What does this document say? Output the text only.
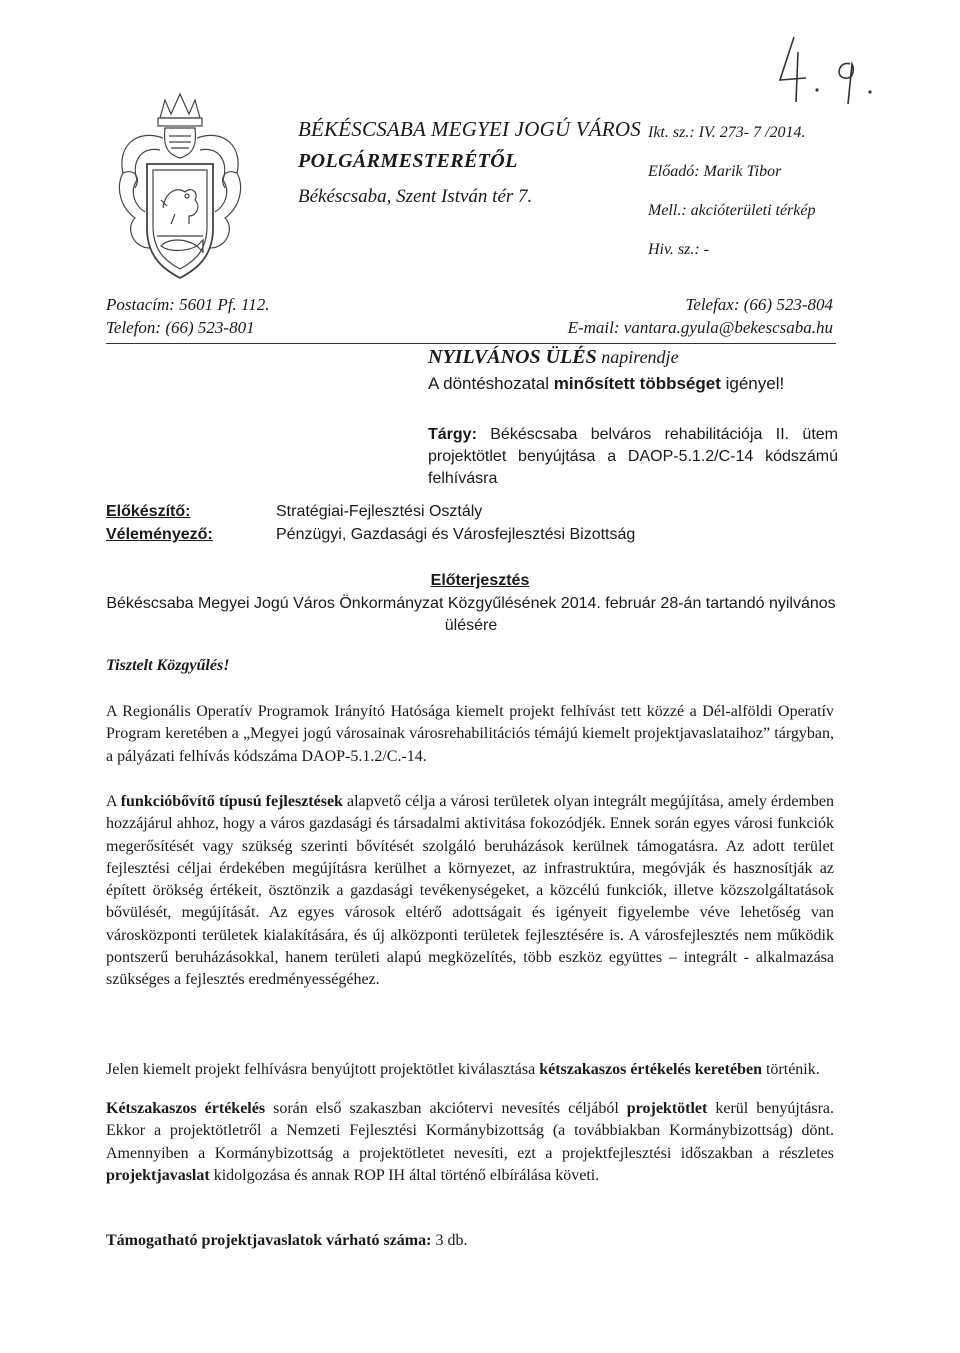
BÉKÉSCSABA MEGYEI JOGÚ VÁROS
POLGÁRMESTERÉTŐL
Békéscsaba, Szent István tér 7.
Ikt. sz.: IV. 273- 7 /2014.
Előadó: Marik Tibor
Mell.: akcióterületi térkép
Hiv. sz.: -
Postacím: 5601 Pf. 112.
Telefon: (66) 523-801
Telefax: (66) 523-804
E-mail: vantara.gyula@bekescsaba.hu
NYILVÁNOS ÜLÉS napirendje
A döntéshozatal minősített többséget igényel!
Tárgy: Békéscsaba belváros rehabilitációja II. ütem projektötlet benyújtása a DAOP-5.1.2/C-14 kódszámú felhívásra
Előkészítő:	Stratégiai-Fejlesztési Osztály
Véleményező:	Pénzügyi, Gazdasági és Városfejlesztési Bizottság
Előterjesztés
Békéscsaba Megyei Jogú Város Önkormányzat Közgyűlésének 2014. február 28-án tartandó nyilvános ülésére
Tisztelt Közgyűlés!
A Regionális Operatív Programok Irányító Hatósága kiemelt projekt felhívást tett közzé a Dél-alföldi Operatív Program keretében a „Megyei jogú városainak városrehabilitációs témájú kiemelt projektjavaslataihoz” tárgyban, a pályázati felhívás kódszáma DAOP-5.1.2/C.-14.
A funkcióbővítő típusú fejlesztések alapvető célja a városi területek olyan integrált megújítása, amely érdemben hozzájárul ahhoz, hogy a város gazdasági és társadalmi aktivitása fokozódjék. Ennek során egyes városi funkciók megerősítését vagy szükség szerinti bővítését szolgáló beruházások kerülnek támogatásra. Az adott terület fejlesztési céljai érdekében megújításra kerülhet a környezet, az infrastruktúra, megóvják és hasznosítják az épített örökség értékeit, ösztönzik a gazdasági tevékenységeket, a közcélú funkciók, illetve közszolgáltatások bővülését, megújítását. Az egyes városok eltérő adottságait és igényeit figyelembe véve lehetőség van városközponti területek kialakítására, és új alközponti területek fejlesztésére is. A városfejlesztés nem működik pontszerű beruházásokkal, hanem területi alapú megközelítés, több eszköz együttes – integrált - alkalmazása szükséges a fejlesztés eredményességéhez.
Jelen kiemelt projekt felhívásra benyújtott projektötlet kiválasztása kétszakaszos értékelés keretében történik.
Kétszakaszos értékelés során első szakaszban akciótervi nevesítés céljából projektötlet kerül benyújtásra. Ekkor a projektötletről a Nemzeti Fejlesztési Kormánybizottság (a továbbiakban Kormánybizottság) dönt. Amennyiben a Kormánybizottság a projektötletet nevesíti, ezt a projektfejlesztési időszakban a részletes projektjavaslat kidolgozása és annak ROP IH által történő elbírálása követi.
Támogatható projektjavaslatok várható száma: 3 db.
